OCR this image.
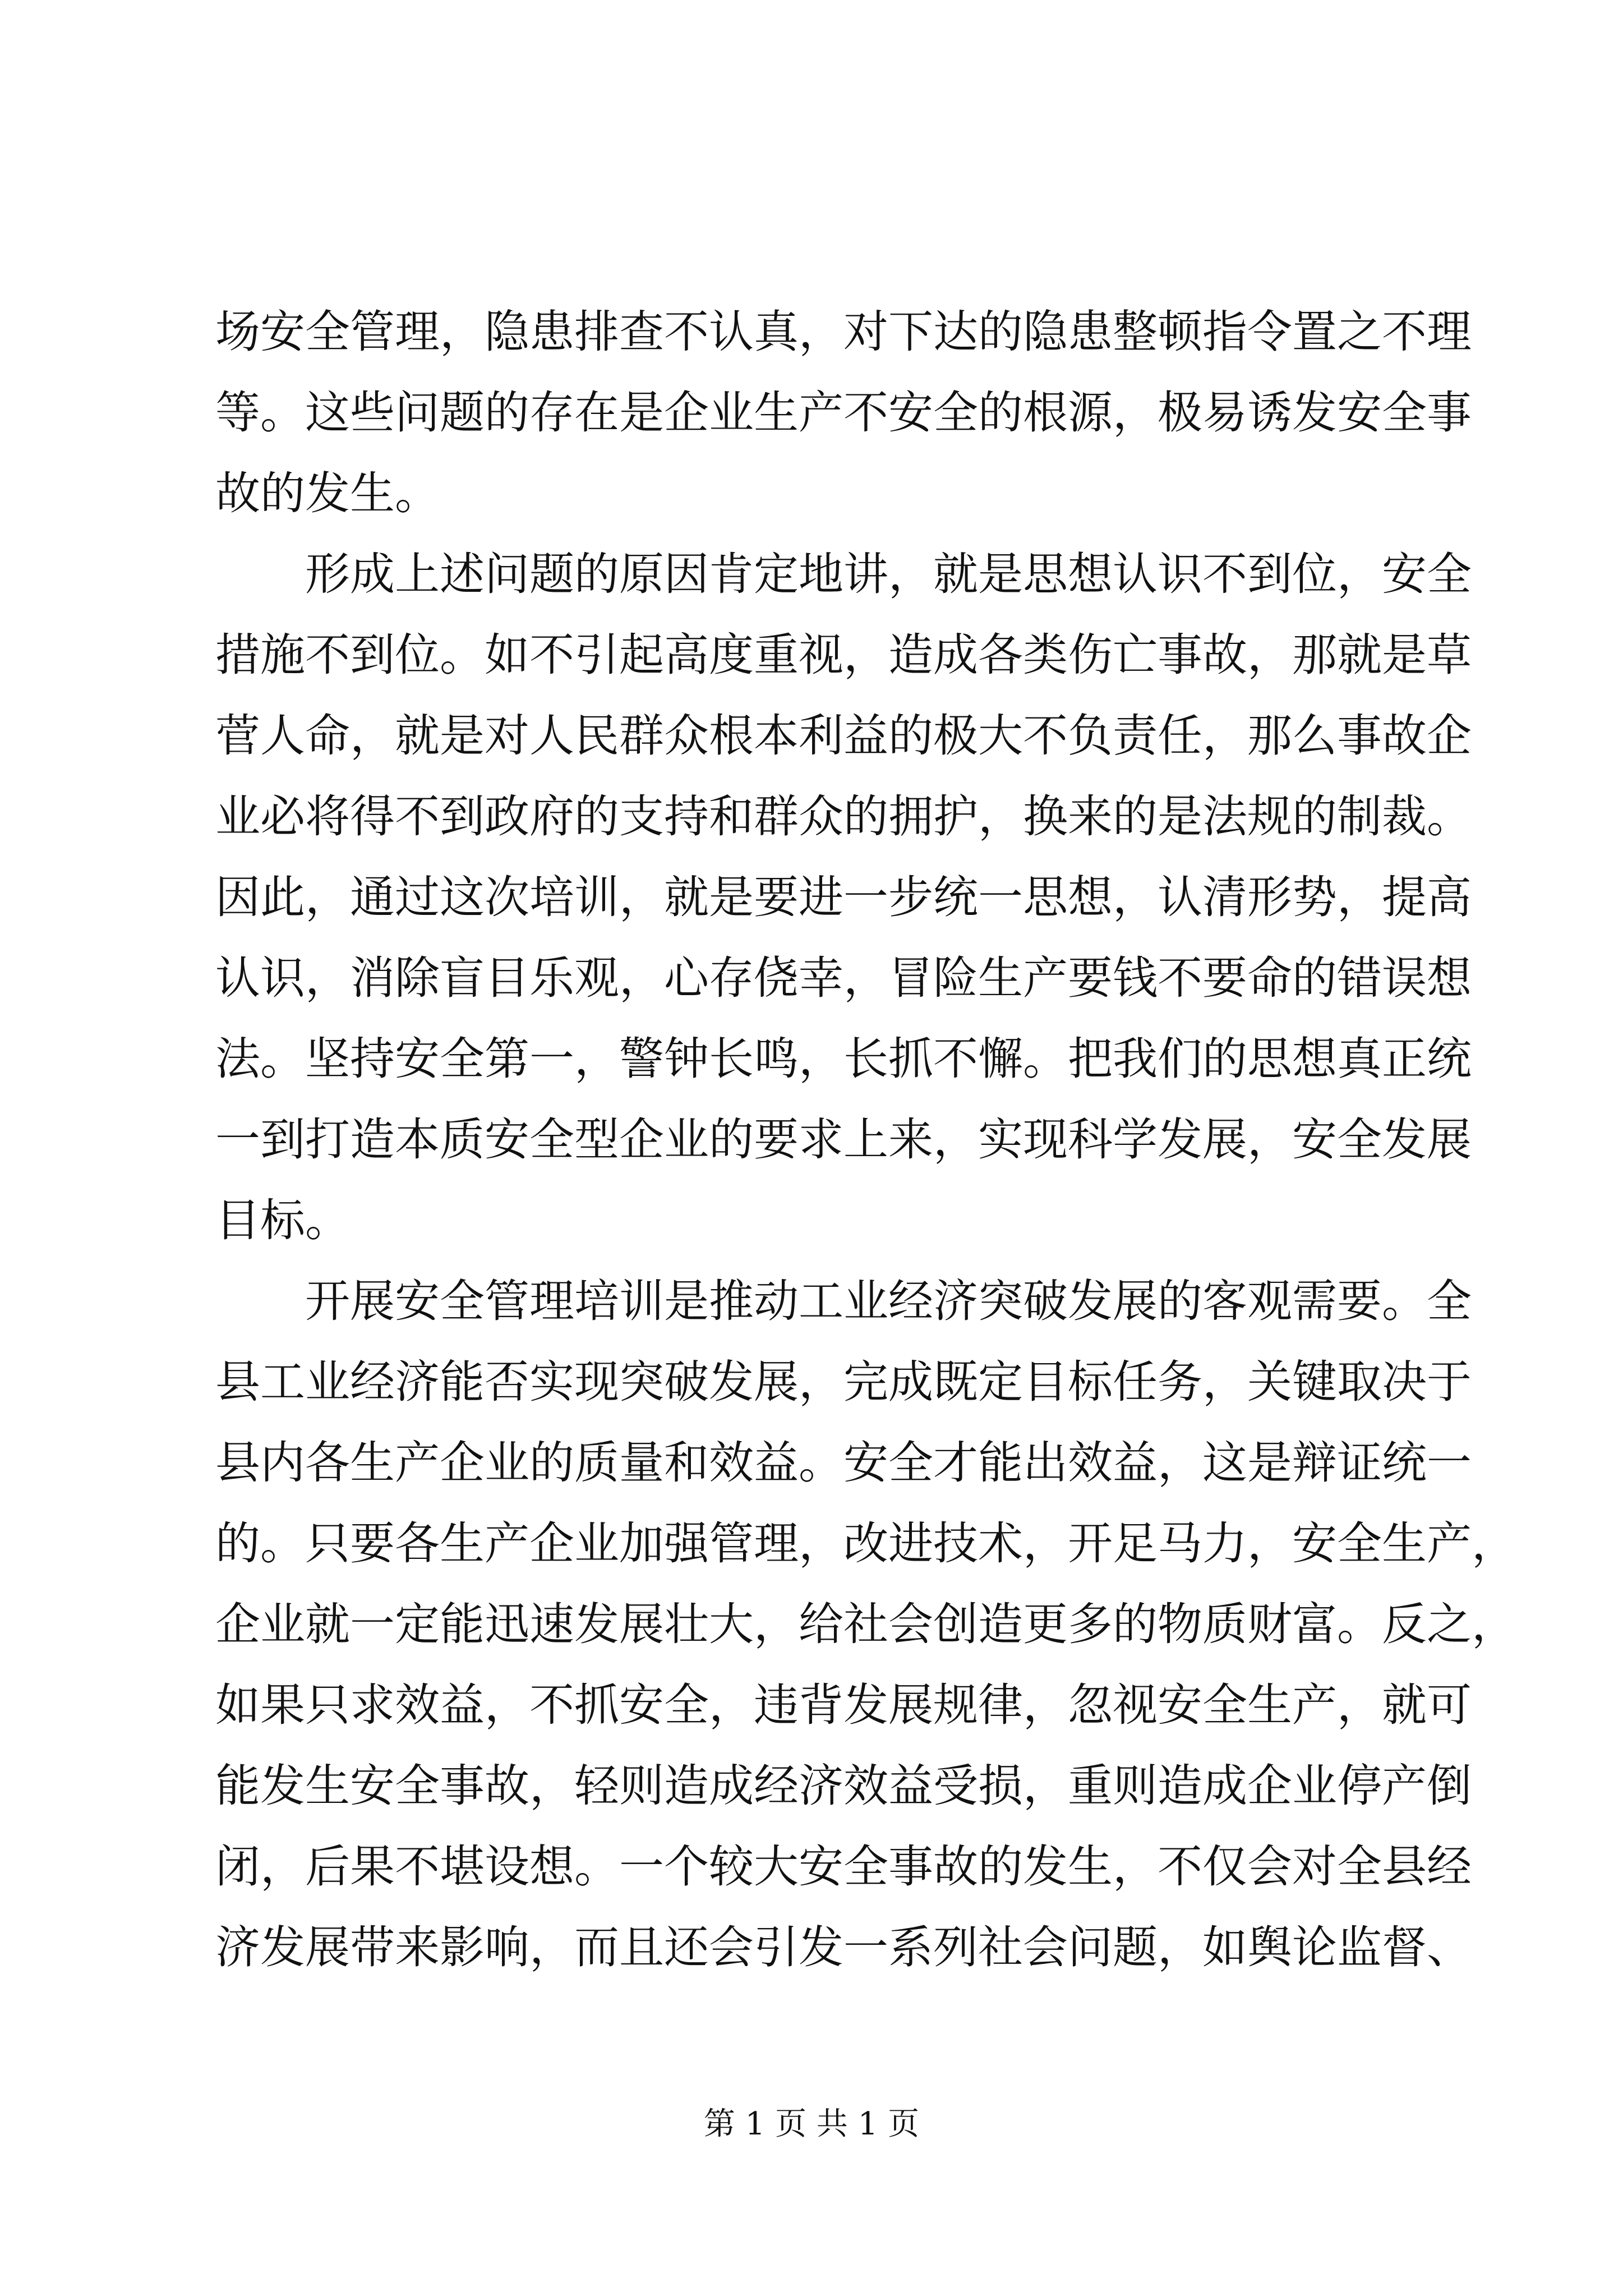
场安全管理，隐患排查不认真，对下达的隐患整顿指令置之不理
等。这些问题的存在是企业生产不安全的根源，极易诱发安全事
故的发生。
　　形成上述问题的原因肯定地讲，就是思想认识不到位，安全
措施不到位。如不引起高度重视，造成各类伤亡事故，那就是草
菅人命，就是对人民群众根本利益的极大不负责任，那么事故企
业必将得不到政府的支持和群众的拥护，换来的是法规的制裁。
因此，通过这次培训，就是要进一步统一思想，认清形势，提高
认识，消除盲目乐观，心存侥幸，冒险生产要钱不要命的错误想
法。坚持安全第一，警钟长鸣，长抓不懈。把我们的思想真正统
一到打造本质安全型企业的要求上来，实现科学发展，安全发展
目标。
　　开展安全管理培训是推动工业经济突破发展的客观需要。全
县工业经济能否实现突破发展，完成既定目标任务，关键取决于
县内各生产企业的质量和效益。安全才能出效益，这是辩证统一
的。只要各生产企业加强管理，改进技术，开足马力，安全生产，
企业就一定能迅速发展壮大，给社会创造更多的物质财富。反之，
如果只求效益，不抓安全，违背发展规律，忽视安全生产，就可
能发生安全事故，轻则造成经济效益受损，重则造成企业停产倒
闭，后果不堪设想。一个较大安全事故的发生，不仅会对全县经
济发展带来影响，而且还会引发一系列社会问题，如舆论监督、
第 1 页 共 1 页
